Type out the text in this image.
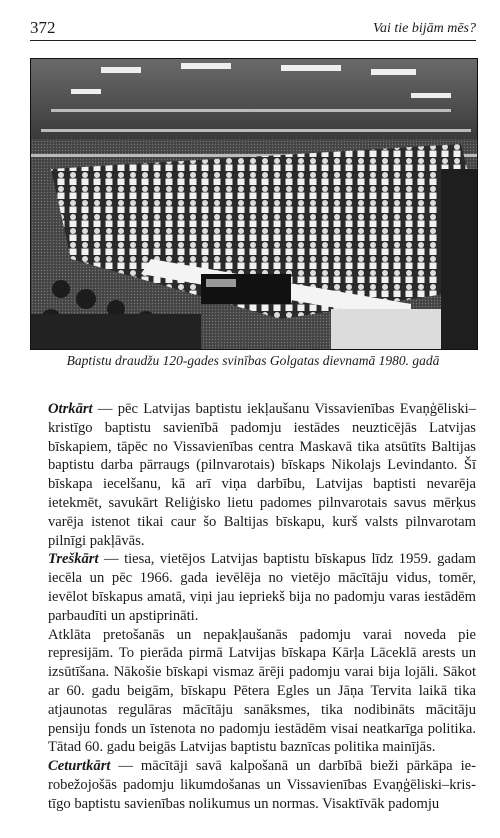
372	Vai tie bijām mēs?
Baptistu draudžu 120-gades svinības Golgatas dievnamā 1980. gadā

Otrkārt — pēc Latvijas baptistu iekļaušanu Vissavienības Evaņģēliski–kristīgo baptistu savienībā padomju iestādes neuzticējās Latvijas bīskapiem, tāpēc no Vissavienības centra Maskavā tika atsūtīts Baltijas baptistu darba pārraugs (pilnvarotais) bīskaps Nikolajs Levindanto. Šī bīskapa iecelšanu, kā arī viņa darbību, Latvijas baptisti nevarēja ietekmēt, savukārt Reliģisko lietu padomes pilnvarotais savus mērķus varēja istenot tikai caur šo Baltijas bīskapu, kurš valsts pilnvarotam pilnīgi pakļāvās.

Treškārt — tiesa, vietējos Latvijas baptistu bīskapus līdz 1959. gadam iecēla un pēc 1966. gada ievēlēja no vietējo mācītāju vidus, tomēr, ievēlot bīskapus amatā, viņi jau iepriekš bija no padomju varas iestādēm parbaudīti un apstiprināti.

Atklāta pretošanās un nepakļaušanās padomju varai noveda pie represijām. To pierāda pirmā Latvijas bīskapa Kārļa Lāceklā arests un izsūtīšana. Nākošie bīskapi vismaz ārēji padomju varai bija lojāli. Sākot ar 60. gadu beigām, bīskapu Pētera Egles un Jāņa Tervita laikā tika atjaunotas regulāras mācītāju sanāksmes, tika nodibināts mācitāju pensiju fonds un īstenota no padomju iestādēm visai neatkarīga politika. Tātad 60. gadu beigās Latvijas baptistu baznīcas politika mainījās.

Ceturtkārt — mācītāji savā kalpošanā un darbībā bieži pārkāpa ierobežojošās padomju likumdošanas un Vissavienības Evaņģēliski–kristīgo baptistu savienības nolikumus un normas. Visaktīvāk padomju
